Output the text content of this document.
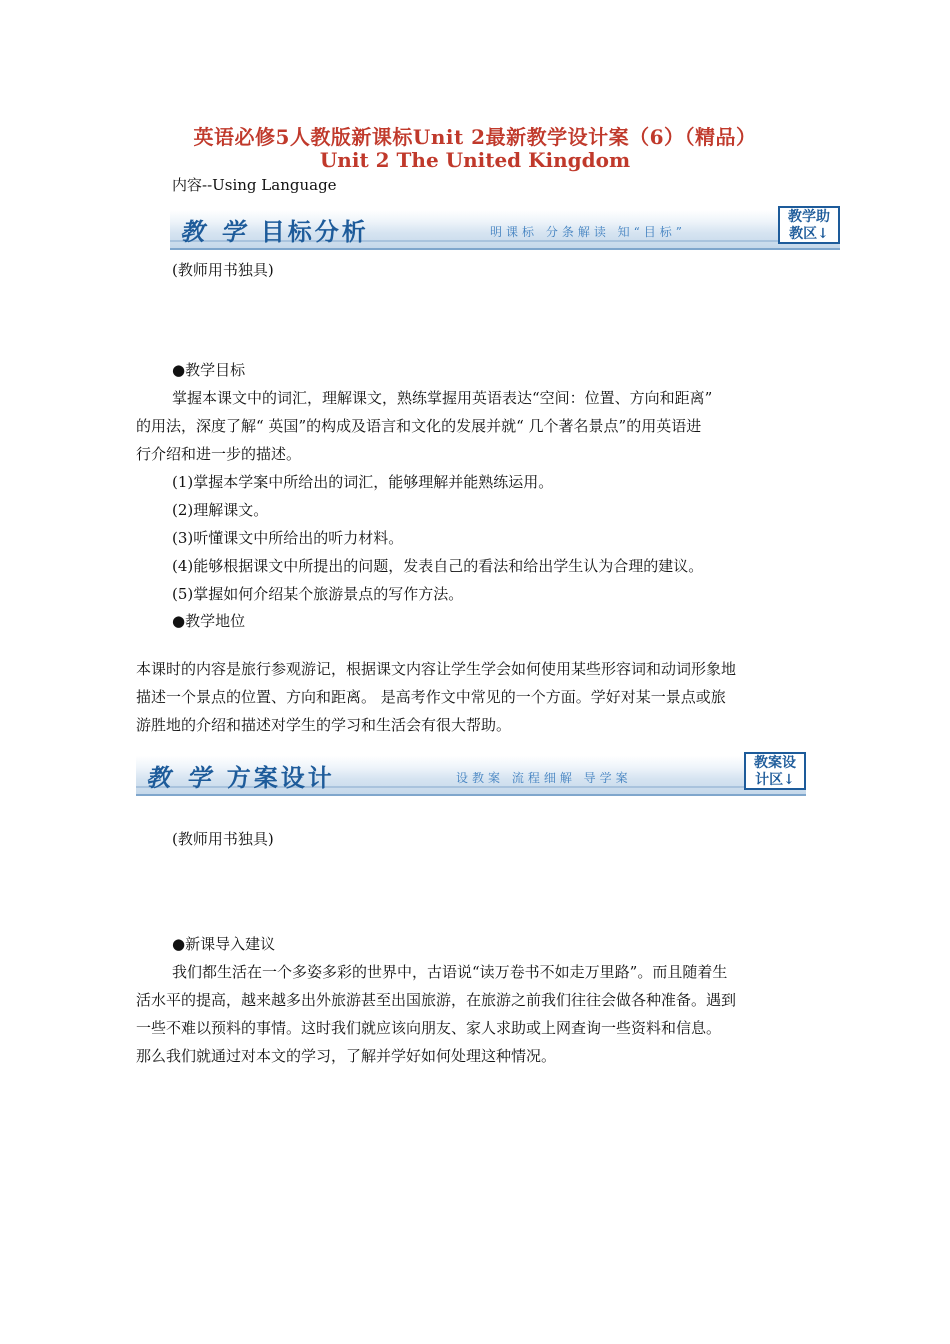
英语必修5人教版新课标Unit 2最新教学设计案（6）（精品）
Unit 2 The United Kingdom
内容--Using Language
教 学 目标分析	明课标 分条解读 知“目标”
教学助
教区↓
(教师用书独具)
●教学目标
掌握本课文中的词汇，理解课文，熟练掌握用英语表达“空间：位置、方向和距离”
的用法，深度了解“ 英国”的构成及语言和文化的发展并就“ 几个著名景点”的用英语进
行介绍和进一步的描述。
(1)掌握本学案中所给出的词汇，能够理解并能熟练运用。
(2)理解课文。
(3)听懂课文中所给出的听力材料。
(4)能够根据课文中所提出的问题，发表自己的看法和给出学生认为合理的建议。
(5)掌握如何介绍某个旅游景点的写作方法。
●教学地位
本课时的内容是旅行参观游记，根据课文内容让学生学会如何使用某些形容词和动词形象地
描述一个景点的位置、方向和距离。 是高考作文中常见的一个方面。学好对某一景点或旅
游胜地的介绍和描述对学生的学习和生活会有很大帮助。
教 学 方案设计	设教案 流程细解 导学案
教案设
计区↓
(教师用书独具)
●新课导入建议
我们都生活在一个多姿多彩的世界中，古语说“读万卷书不如走万里路”。而且随着生
活水平的提高，越来越多出外旅游甚至出国旅游，在旅游之前我们往往会做各种准备。遇到
一些不难以预料的事情。这时我们就应该向朋友、家人求助或上网查询一些资料和信息。
那么我们就通过对本文的学习，了解并学好如何处理这种情况。
